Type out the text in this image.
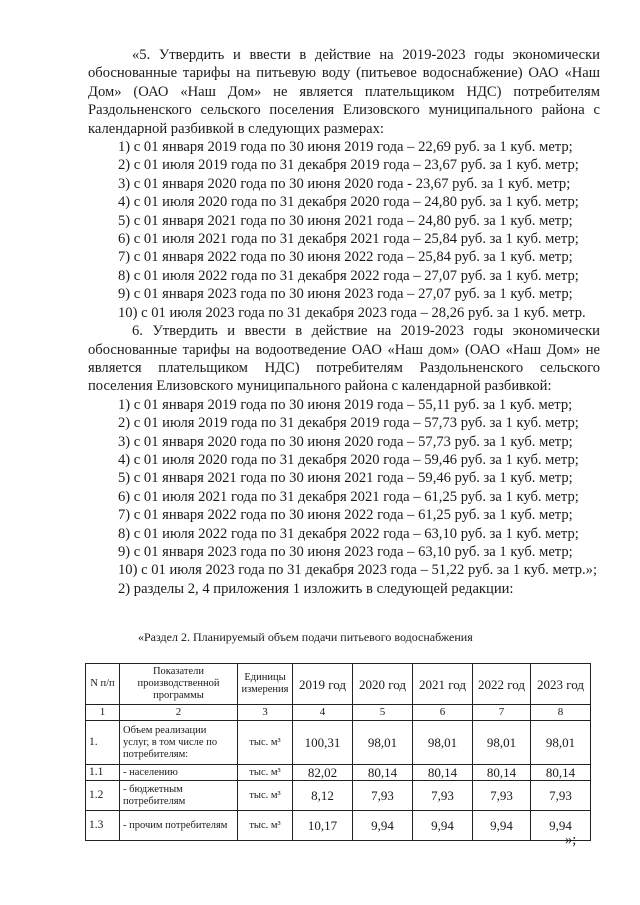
«5. Утвердить и ввести в действие на 2019-2023 годы экономически обоснованные тарифы на питьевую воду (питьевое водоснабжение) ОАО «Наш Дом» (ОАО «Наш Дом» не является плательщиком НДС) потребителям Раздольненского сельского поселения Елизовского муниципального района с календарной разбивкой в следующих размерах:

1) с 01 января 2019 года по 30 июня 2019 года – 22,69 руб. за 1 куб. метр;

2) с 01 июля 2019 года по 31 декабря 2019 года – 23,67 руб. за 1 куб. метр;

3) с 01 января 2020 года по 30 июня 2020 года - 23,67 руб. за 1 куб. метр;

4) с 01 июля 2020 года по 31 декабря 2020 года – 24,80 руб. за 1 куб. метр;

5) с 01 января 2021 года по 30 июня 2021 года – 24,80 руб. за 1 куб. метр;

6) с 01 июля 2021 года по 31 декабря 2021 года – 25,84 руб. за 1 куб. метр;

7) с 01 января 2022 года по 30 июня 2022 года – 25,84 руб. за 1 куб. метр;

8) с 01 июля 2022 года по 31 декабря 2022 года – 27,07 руб. за 1 куб. метр;

9) с 01 января 2023 года по 30 июня 2023 года – 27,07 руб. за 1 куб. метр;

10) с 01 июля 2023 года по 31 декабря 2023 года – 28,26 руб. за 1 куб. метр.

6. Утвердить и ввести в действие на 2019-2023 годы экономически обоснованные тарифы на водоотведение ОАО «Наш дом» (ОАО «Наш Дом» не является плательщиком НДС) потребителям Раздольненского сельского поселения Елизовского муниципального района с календарной разбивкой:

1) с 01 января 2019 года по 30 июня 2019 года – 55,11 руб. за 1 куб. метр;

2) с 01 июля 2019 года по 31 декабря 2019 года – 57,73 руб. за 1 куб. метр;

3) с 01 января 2020 года по 30 июня 2020 года – 57,73 руб. за 1 куб. метр;

4) с 01 июля 2020 года по 31 декабря 2020 года – 59,46 руб. за 1 куб. метр;

5) с 01 января 2021 года по 30 июня 2021 года – 59,46 руб. за 1 куб. метр;

6) с 01 июля 2021 года по 31 декабря 2021 года – 61,25 руб. за 1 куб. метр;

7) с 01 января 2022 года по 30 июня 2022 года – 61,25 руб. за 1 куб. метр;

8) с 01 июля 2022 года по 31 декабря 2022 года – 63,10 руб. за 1 куб. метр;

9) с 01 января 2023 года по 30 июня 2023 года – 63,10 руб. за 1 куб. метр;

10) с 01 июля 2023 года по 31 декабря 2023 года – 51,22 руб. за 1 куб. метр.»;

2) разделы 2, 4 приложения 1 изложить в следующей редакции:

«Раздел 2. Планируемый объем подачи питьевого водоснабжения
N п/п	Показатели производственной программы	Единицы измерения	2019 год	2020 год	2021 год	2022 год	2023 год
1	2	3	4	5	6	7	8
1.	Объем реализации услуг, в том числе по потребителям:	тыс. м³	100,31	98,01	98,01	98,01	98,01
1.1	- населению	тыс. м³	82,02	80,14	80,14	80,14	80,14
1.2	- бюджетным потребителям	тыс. м³	8,12	7,93	7,93	7,93	7,93
1.3	- прочим потребителям	тыс. м³	10,17	9,94	9,94	9,94	9,94
»;
